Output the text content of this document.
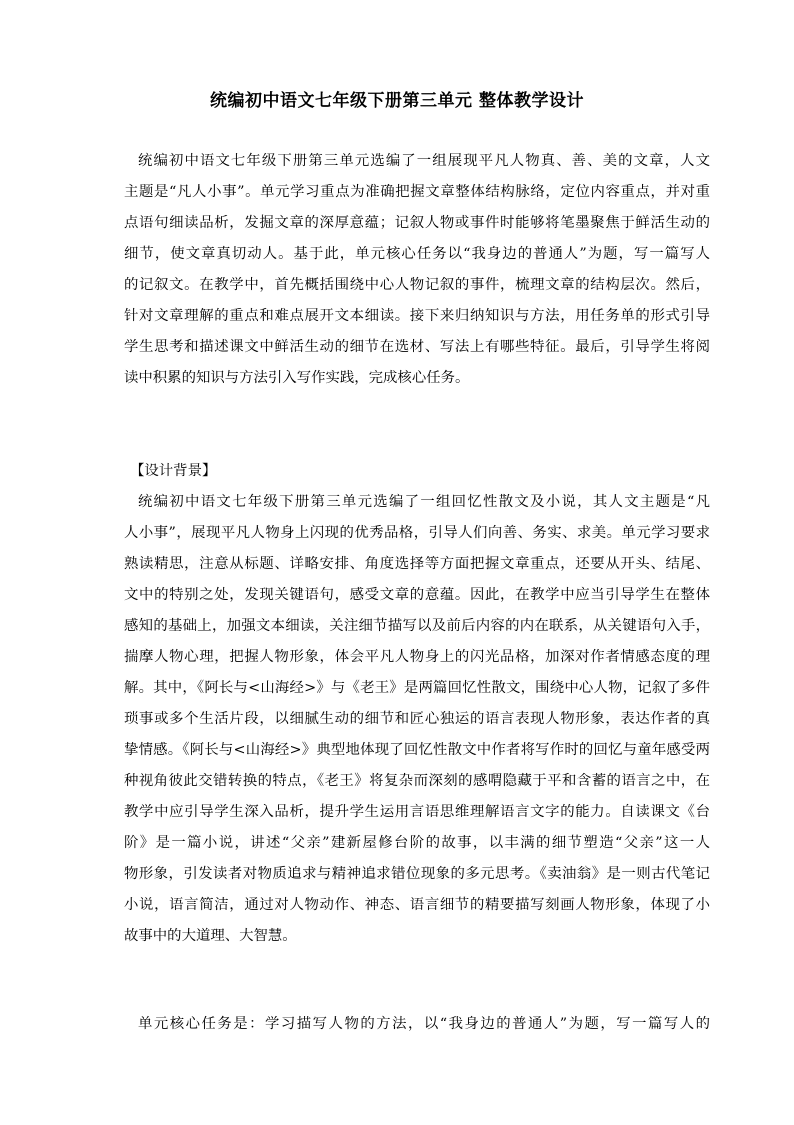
统编初中语文七年级下册第三单元 整体教学设计
统编初中语文七年级下册第三单元选编了一组展现平凡人物真、善、美的文章，人文
主题是“凡人小事”。单元学习重点为准确把握文章整体结构脉络，定位内容重点，并对重
点语句细读品析，发掘文章的深厚意蕴；记叙人物或事件时能够将笔墨聚焦于鲜活生动的
细节，使文章真切动人。基于此，单元核心任务以“我身边的普通人”为题，写一篇写人
的记叙文。在教学中，首先概括围绕中心人物记叙的事件，梳理文章的结构层次。然后，
针对文章理解的重点和难点展开文本细读。接下来归纳知识与方法，用任务单的形式引导
学生思考和描述课文中鲜活生动的细节在选材、写法上有哪些特征。最后，引导学生将阅
读中积累的知识与方法引入写作实践，完成核心任务。
【设计背景】
统编初中语文七年级下册第三单元选编了一组回忆性散文及小说，其人文主题是“凡
人小事”，展现平凡人物身上闪现的优秀品格，引导人们向善、务实、求美。单元学习要求
熟读精思，注意从标题、详略安排、角度选择等方面把握文章重点，还要从开头、结尾、
文中的特别之处，发现关键语句，感受文章的意蕴。因此，在教学中应当引导学生在整体
感知的基础上，加强文本细读，关注细节描写以及前后内容的内在联系，从关键语句入手，
揣摩人物心理，把握人物形象，体会平凡人物身上的闪光品格，加深对作者情感态度的理
解。其中，《阿长与<山海经>》与《老王》是两篇回忆性散文，围绕中心人物，记叙了多件
琐事或多个生活片段，以细腻生动的细节和匠心独运的语言表现人物形象，表达作者的真
挚情感。《阿长与<山海经>》典型地体现了回忆性散文中作者将写作时的回忆与童年感受两
种视角彼此交错转换的特点，《老王》将复杂而深刻的感喟隐藏于平和含蓄的语言之中，在
教学中应引导学生深入品析，提升学生运用言语思维理解语言文字的能力。自读课文《台
阶》是一篇小说，讲述“父亲”建新屋修台阶的故事，以丰满的细节塑造“父亲”这一人
物形象，引发读者对物质追求与精神追求错位现象的多元思考。《卖油翁》是一则古代笔记
小说，语言简洁，通过对人物动作、神态、语言细节的精要描写刻画人物形象，体现了小
故事中的大道理、大智慧。
单元核心任务是：学习描写人物的方法，以“我身边的普通人”为题，写一篇写人的
